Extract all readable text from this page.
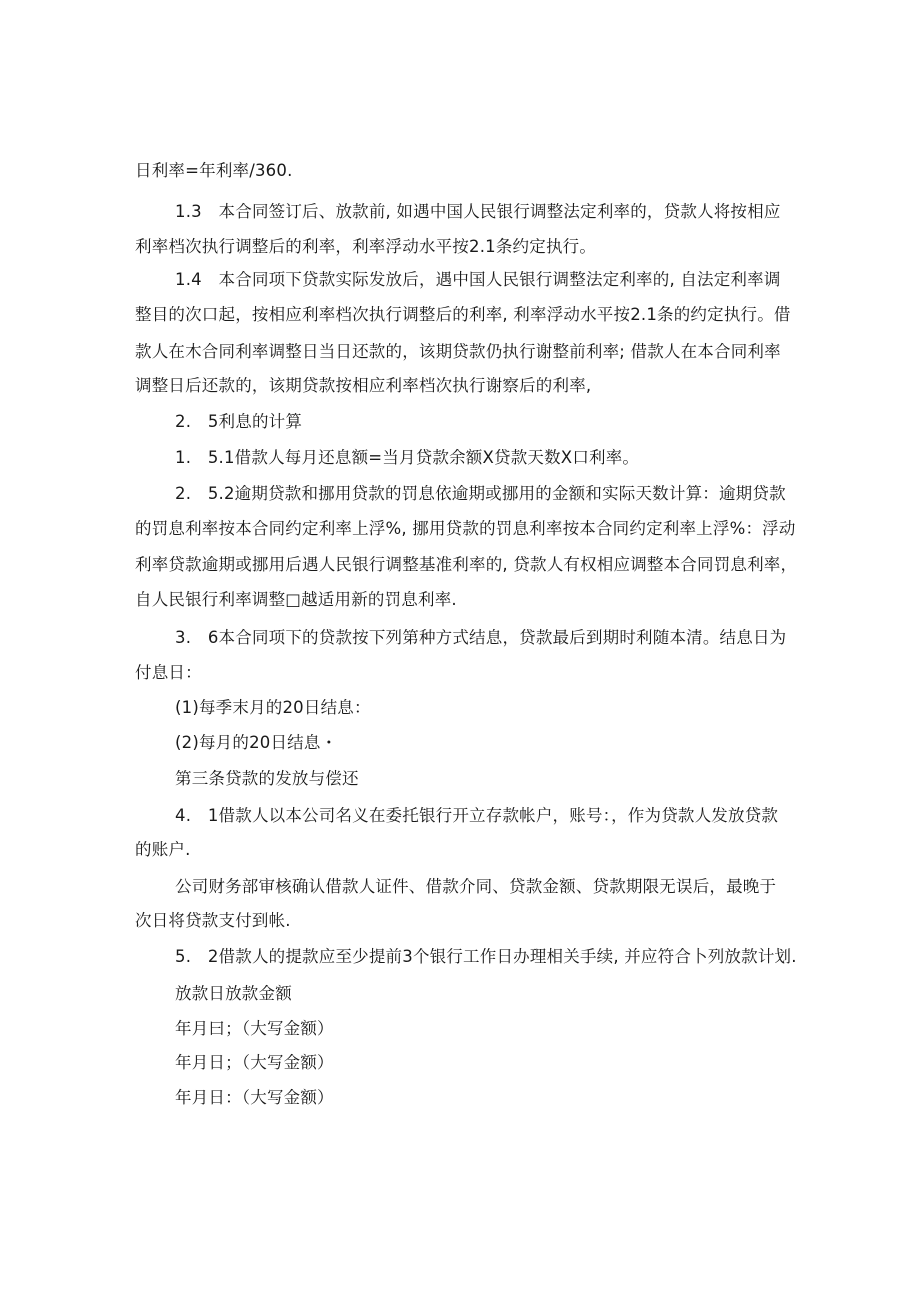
日利率=年利率/360.
1.3　本合同签订后、放款前, 如遇中国人民银行调整法定利率的，贷款人将按相应
利率档次执行调整后的利率，利率浮动水平按2.1条约定执行。
1.4　本合同项下贷款实际发放后，遇中国人民银行调整法定利率的, 自法定利率调
整目的次口起，按相应利率档次执行调整后的利率, 利率浮动水平按2.1条的约定执行。借
款人在木合同利率调整日当日还款的，该期贷款仍执行谢整前利率; 借款人在本合同利率
调整日后还款的，该期贷款按相应利率档次执行谢察后的利率,
2.　5利息的计算
1.　5.1借款人每月还息额=当月贷款余额X贷款天数X口利率。
2.　5.2逾期贷款和挪用贷款的罚息依逾期或挪用的金额和实际天数计算：逾期贷款
的罚息利率按本合同约定利率上浮%, 挪用贷款的罚息利率按本合同约定利率上浮%：浮动
利率贷款逾期或挪用后遇人民银行调整基准利率的, 贷款人有权相应调整本合同罚息利率，
自人民银行利率调整□越适用新的罚息利率.
3.　6本合同项下的贷款按下列第种方式结息，贷款最后到期时利随本清。结息日为
付息日：
(1)每季末月的20日结息：
(2)每月的20日结息・
第三条贷款的发放与偿还
4.　1借款人以本公司名义在委托银行开立存款帐户，账号：，作为贷款人发放贷款
的账户.
公司财务部审核确认借款人证件、借款介同、贷款金额、贷款期限无误后，最晚于
次日将贷款支付到帐.
5.　2借款人的提款应至少提前3个银行工作日办理相关手续, 并应符合卜列放款计划.
放款日放款金额
年月曰；（大写金额）
年月日；（大写金额）
年月日：（大写金额）
